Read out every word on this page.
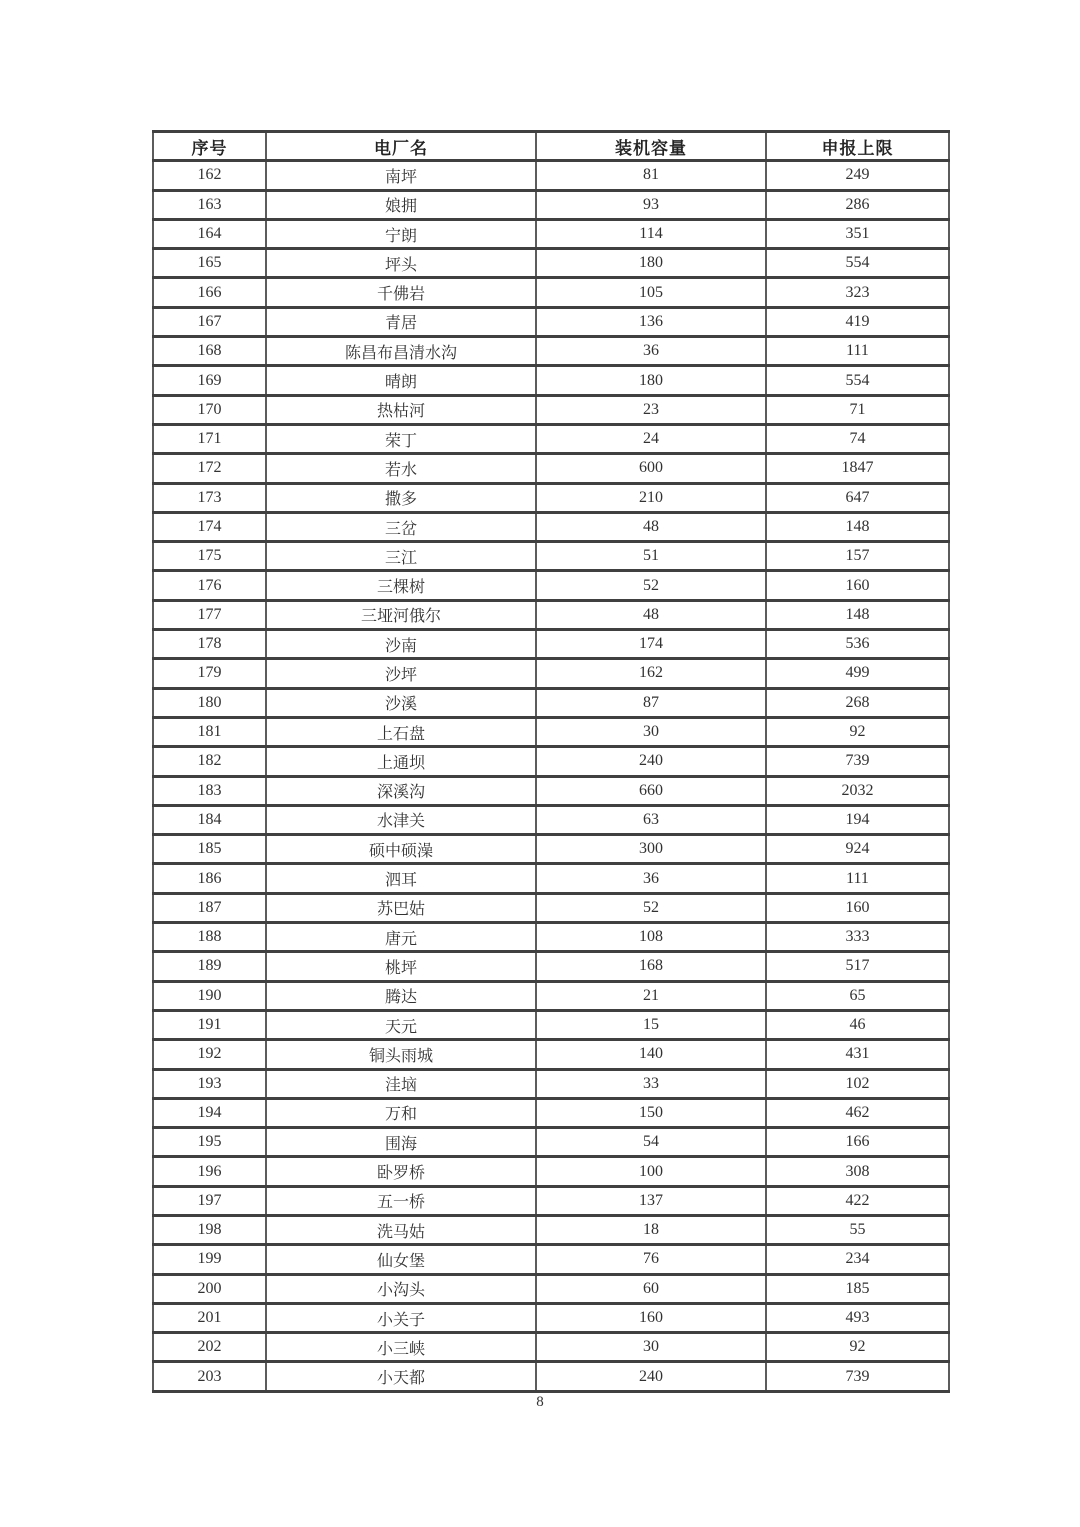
序号	电厂名	装机容量	申报上限
162	南坪	81	249
163	娘拥	93	286
164	宁朗	114	351
165	坪头	180	554
166	千佛岩	105	323
167	青居	136	419
168	陈昌布昌清水沟	36	111
169	晴朗	180	554
170	热枯河	23	71
171	荣丁	24	74
172	若水	600	1847
173	撒多	210	647
174	三岔	48	148
175	三江	51	157
176	三棵树	52	160
177	三垭河俄尔	48	148
178	沙南	174	536
179	沙坪	162	499
180	沙溪	87	268
181	上石盘	30	92
182	上通坝	240	739
183	深溪沟	660	2032
184	水津关	63	194
185	硕中硕澡	300	924
186	泗耳	36	111
187	苏巴姑	52	160
188	唐元	108	333
189	桃坪	168	517
190	腾达	21	65
191	天元	15	46
192	铜头雨城	140	431
193	洼垴	33	102
194	万和	150	462
195	围海	54	166
196	卧罗桥	100	308
197	五一桥	137	422
198	洗马姑	18	55
199	仙女堡	76	234
200	小沟头	60	185
201	小关子	160	493
202	小三峡	30	92
203	小天都	240	739
8
